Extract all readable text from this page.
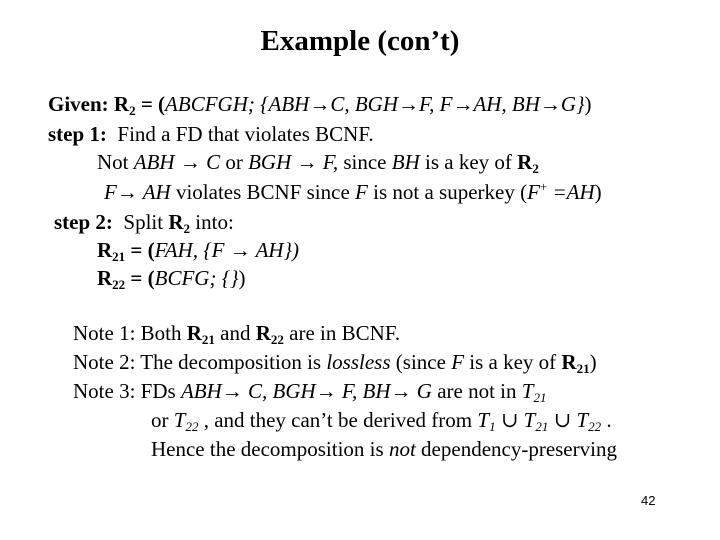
Example (con’t)
Given: $R_2$ = (ABCFGH; {ABH→C, BGH→F, F→AH, BH→G})
step 1: Find a FD that violates BCNF.
Not ABH → C or BGH → F, since BH is a key of $R_2$
F→ AH violates BCNF since F is not a superkey (F+ =AH)
step 2: Split $R_2$ into:
$R_{21} = (FAH$, {F → AH})
$R_{22}$ = (BCFG; {})
Note 1: Both $R_{21}$ and $R_{22}$ are in BCNF.
Note 2: The decomposition is lossless (since F is a key of $R_{21}$)
Note 3: FDs ABH→ C, BGH→ F, BH→ G are not in $T_{21}$
or $T_{22}$ , and they can’t be derived from $T_1$ ∪ $T_{21}$ ∪ $T_{22}$ .
Hence the decomposition is not dependency-preserving
42
